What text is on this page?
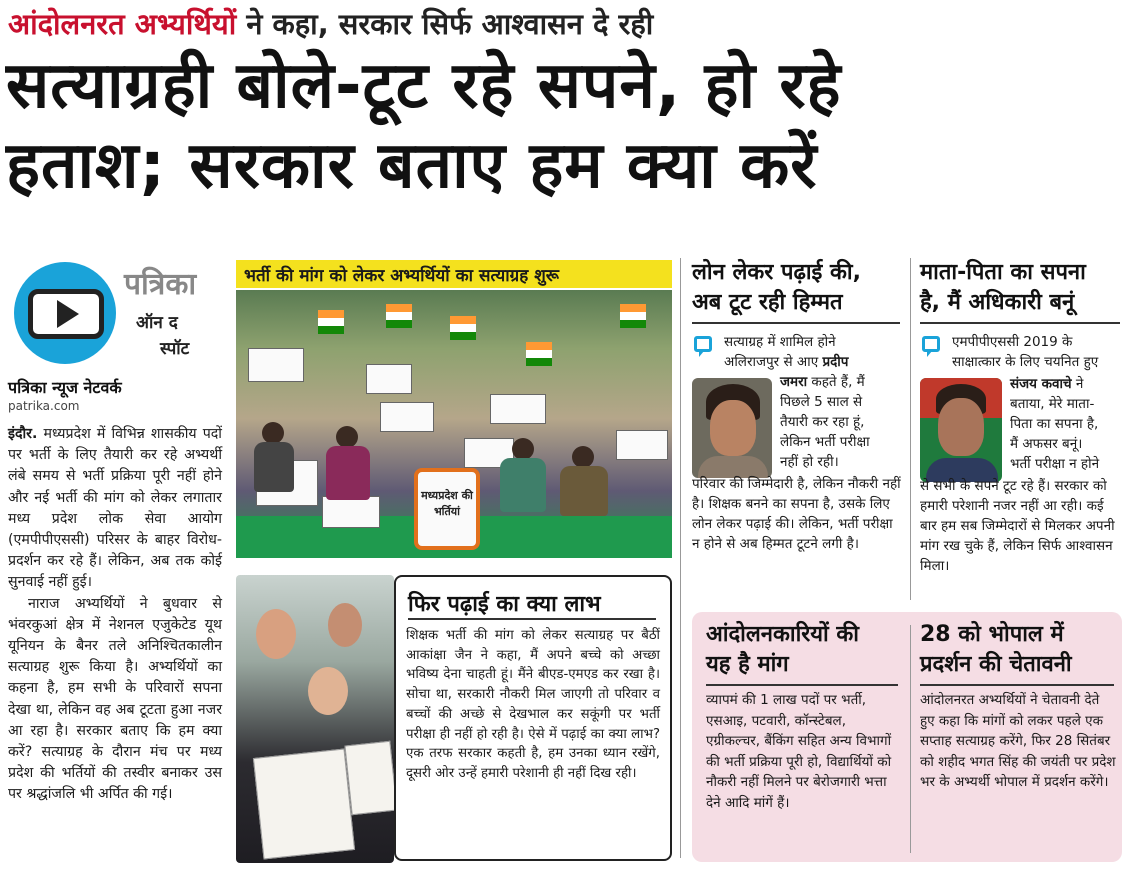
आंदोलनरत अभ्यर्थियों ने कहा, सरकार सिर्फ आश्वासन दे रही
सत्याग्रही बोले-टूट रहे सपने, हो रहे
हताश; सरकार बताए हम क्या करें
पत्रिका
ऑन द
स्पॉट
पत्रिका न्यूज नेटवर्क
patrika.com

इंदौर. मध्यप्रदेश में विभिन्न शासकीय पदों पर भर्ती के लिए तैयारी कर रहे अभ्यर्थी लंबे समय से भर्ती प्रक्रिया पूरी नहीं होने और नई भर्ती की मांग को लेकर लगातार मध्य प्रदेश लोक सेवा आयोग (एमपीपीएससी) परिसर के बाहर विरोध-प्रदर्शन कर रहे हैं। लेकिन, अब तक कोई सुनवाई नहीं हुई।

नाराज अभ्यर्थियों ने बुधवार से भंवरकुआं क्षेत्र में नेशनल एजुकेटेड यूथ यूनियन के बैनर तले अनिश्चितकालीन सत्याग्रह शुरू किया है। अभ्यर्थियों का कहना है, हम सभी के परिवारों सपना देखा था, लेकिन वह अब टूटता हुआ नजर आ रहा है। सरकार बताए कि हम क्या करें? सत्याग्रह के दौरान मंच पर मध्य प्रदेश की भर्तियों की तस्वीर बनाकर उस पर श्रद्धांजलि भी अर्पित की गई।

भर्ती की मांग को लेकर अभ्यर्थियों का सत्याग्रह शुरू
मध्यप्रदेश की भर्तियां
फिर पढ़ाई का क्या लाभ
शिक्षक भर्ती की मांग को लेकर सत्याग्रह पर बैठीं आकांक्षा जैन ने कहा, मैं अपने बच्चे को अच्छा भविष्य देना चाहती हूं। मैंने बीएड-एमएड कर रखा है। सोचा था, सरकारी नौकरी मिल जाएगी तो परिवार व बच्चों की अच्छे से देखभाल कर सकूंगी पर भर्ती परीक्षा ही नहीं हो रही है। ऐसे में पढ़ाई का क्या लाभ? एक तरफ सरकार कहती है, हम उनका ध्यान रखेंगे, दूसरी ओर उन्हें हमारी परेशानी ही नहीं दिख रही।
लोन लेकर पढ़ाई की,
अब टूट रही हिम्मत
सत्याग्रह में शामिल होने
अलिराजपुर से आए प्रदीप
जमरा कहते हैं, मैं
पिछले 5 साल से
तैयारी कर रहा हूं,
लेकिन भर्ती परीक्षा
नहीं हो रही।
परिवार की जिम्मेदारी है, लेकिन नौकरी नहीं है। शिक्षक बनने का सपना है, उसके लिए लोन लेकर पढ़ाई की। लेकिन, भर्ती परीक्षा न होने से अब हिम्मत टूटने लगी है।
माता-पिता का सपना
है, मैं अधिकारी बनूं
एमपीपीएससी 2019 के
साक्षात्कार के लिए चयनित हुए
संजय कवाचे ने
बताया, मेरे माता-
पिता का सपना है,
मैं अफसर बनूं।
भर्ती परीक्षा न होने
से सभी के सपने टूट रहे हैं। सरकार को हमारी परेशानी नजर नहीं आ रही। कई बार हम सब जिम्मेदारों से मिलकर अपनी मांग रख चुके हैं, लेकिन सिर्फ आश्वासन मिला।
आंदोलनकारियों की
यह है मांग
व्यापमं की 1 लाख पदों पर भर्ती, एसआइ, पटवारी, कॉन्स्टेबल, एग्रीकल्चर, बैंकिंग सहित अन्य विभागों की भर्ती प्रक्रिया पूरी हो, विद्यार्थियों को नौकरी नहीं मिलने पर बेरोजगारी भत्ता देने आदि मांगें हैं।
28 को भोपाल में
प्रदर्शन की चेतावनी
आंदोलनरत अभ्यर्थियों ने चेतावनी देते हुए कहा कि मांगों को लकर पहले एक सप्ताह सत्याग्रह करेंगे, फिर 28 सितंबर को शहीद भगत सिंह की जयंती पर प्रदेश भर के अभ्यर्थी भोपाल में प्रदर्शन करेंगे।
